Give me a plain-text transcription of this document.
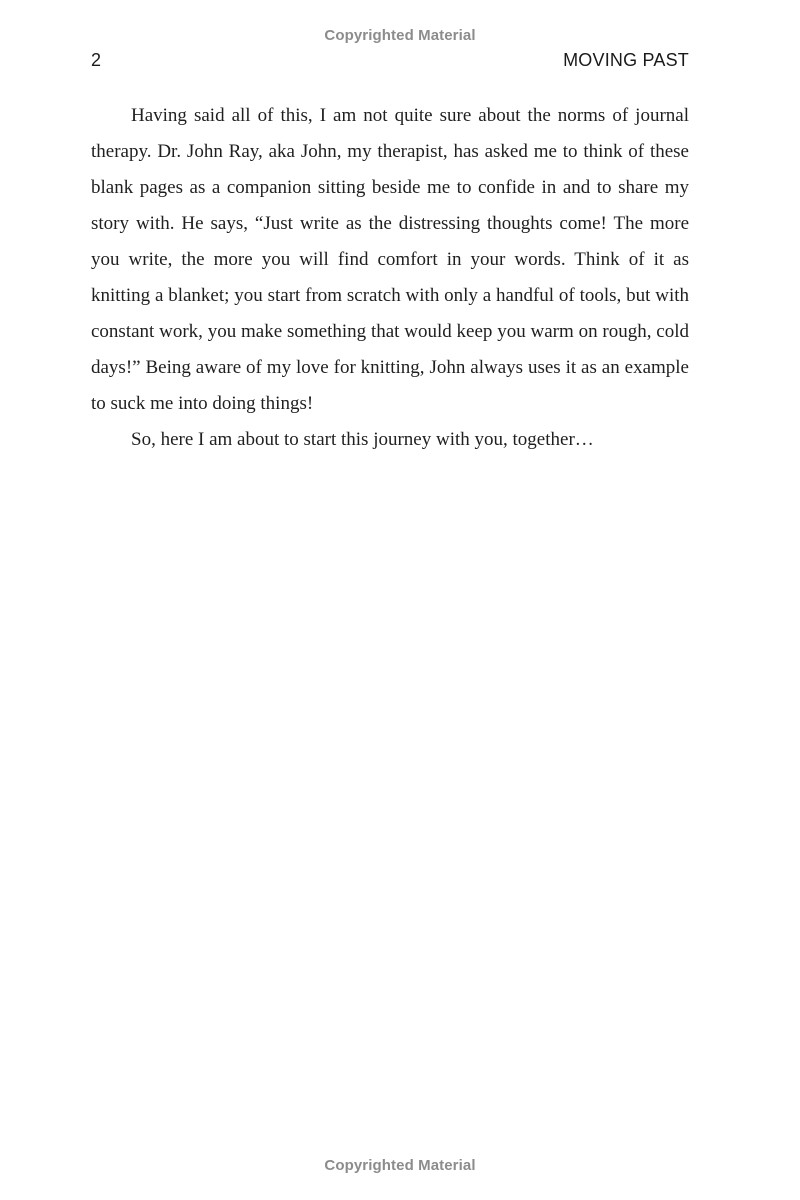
Copyrighted Material
2	MOVING PAST

Having said all of this, I am not quite sure about the norms of journal therapy. Dr. John Ray, aka John, my therapist, has asked me to think of these blank pages as a companion sitting beside me to confide in and to share my story with. He says, “Just write as the distressing thoughts come! The more you write, the more you will find comfort in your words. Think of it as knitting a blanket; you start from scratch with only a handful of tools, but with constant work, you make something that would keep you warm on rough, cold days!” Being aware of my love for knitting, John always uses it as an example to suck me into doing things!

So, here I am about to start this journey with you, together…

Copyrighted Material
